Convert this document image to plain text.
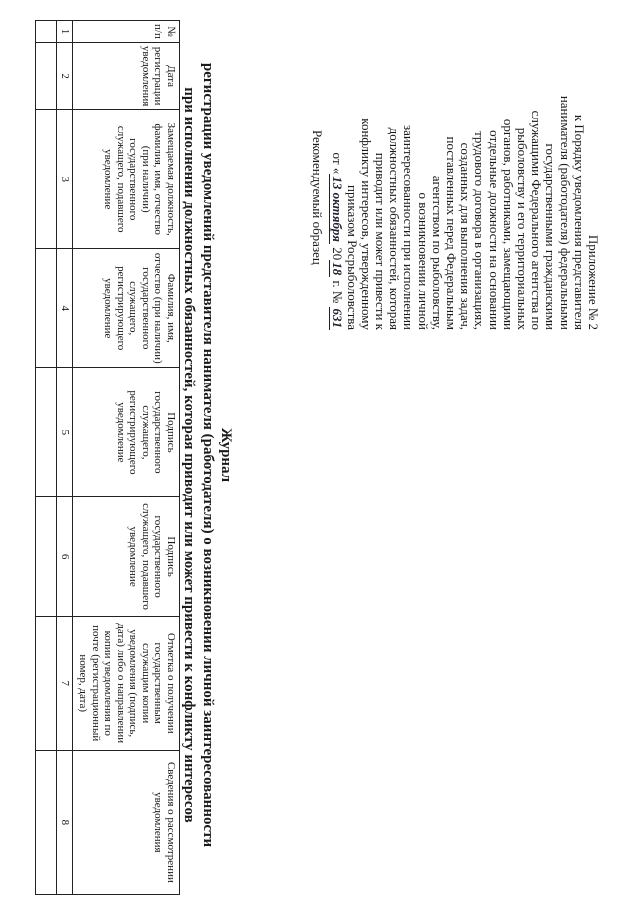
Приложение № 2
к Порядку уведомления представителя
нанимателя (работодателя) федеральными
государственными гражданскими
служащими Федерального агентства по
рыболовству и его территориальных
органов, работниками, замещающими
отдельные должности на основании
трудового договора в организациях,
созданных для выполнения задач,
поставленных перед Федеральным
агентством по рыболовству,
о возникновении личной
заинтересованности при исполнении
должностных обязанностей, которая
приводит или может привести к
конфликту интересов, утвержденному
приказом Росрыболовства
от «13 октября 2018 г. № 631
Рекомендуемый образец
Журнал
регистрации уведомлений представителя нанимателя (работодателя) о возникновении личной заинтересованности
при исполнении должностных обязанностей, которая приводит или может привести к конфликту интересов
№ п/п	Дата регистрации уведомления	Замещаемая должность, фамилия, имя, отчество (при наличии) государственного служащего, подавшего уведомление	Фамилия, имя, отчество (при наличии) государственного служащего, регистрирующего уведомление	Подпись государственного служащего, регистрирующего уведомление	Подпись государственного служащего, подавшего уведомление	Отметка о получении государственным служащим копии уведомления (подпись, дата) либо о направлении копии уведомления по почте (регистрационный номер, дата)	Сведения о рассмотрении уведомления
1	2	3	4	5	6	7	8
